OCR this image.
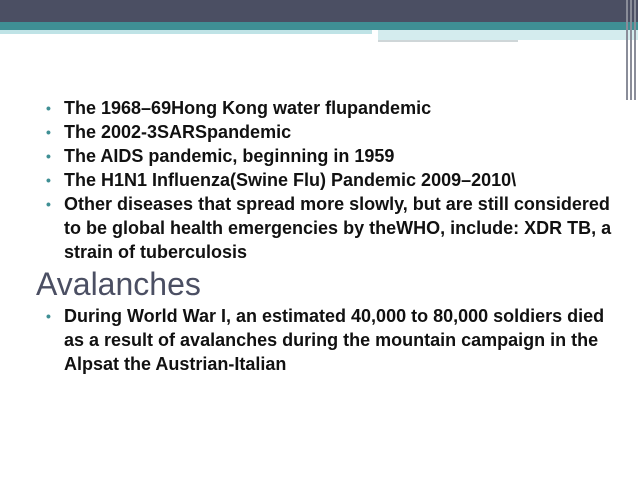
• The 1968–69Hong Kong water flupandemic
• The 2002-3SARSpandemic
• The AIDS pandemic, beginning in 1959
• The H1N1 Influenza(Swine Flu) Pandemic 2009–2010\
• Other diseases that spread more slowly, but are still considered to be global health emergencies by theWHO, include: XDR TB, a strain of tuberculosis
Avalanches
• During World War I, an estimated 40,000 to 80,000 soldiers died as a result of avalanches during the mountain campaign in the Alpsat the Austrian-Italian
